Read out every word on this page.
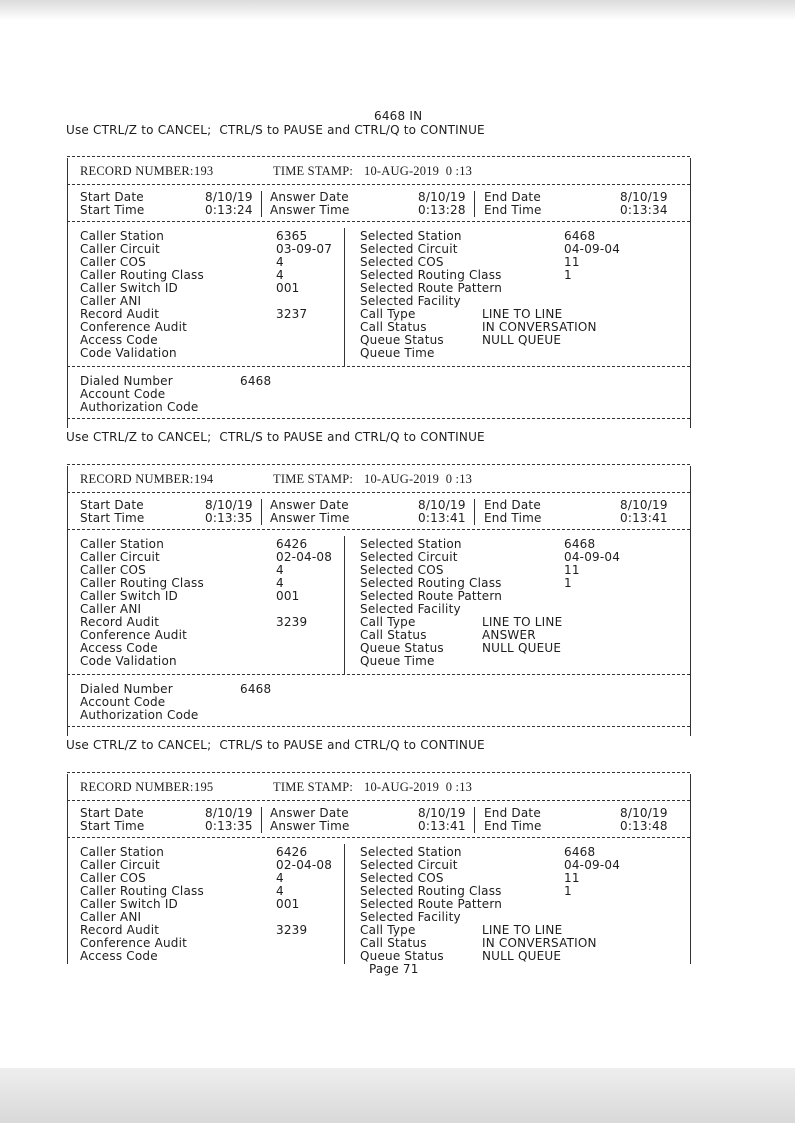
6468 IN
Use CTRL/Z to CANCEL;  CTRL/S to PAUSE and CTRL/Q to CONTINUE
RECORD NUMBER: 193	TIME STAMP: 10-AUG-2019  0 :13
Start Date	8/10/19 Answer Date	8/10/19 End Date	8/10/19
Start Time	0:13:24 Answer Time	0:13:28 End Time	0:13:34
Caller Station	6365
Caller Circuit	03-09-07
Caller COS	4
Caller Routing Class	4
Caller Switch ID	001
Caller ANI
Record Audit	3237
Conference Audit
Access Code
Code Validation
Selected Station	6468
Selected Circuit	04-09-04
Selected COS	11
Selected Routing Class	1
Selected Route Pattern
Selected Facility
Call Type	LINE TO LINE
Call Status	IN CONVERSATION
Queue Status	NULL QUEUE
Queue Time
Dialed Number	6468
Account Code
Authorization Code
Use CTRL/Z to CANCEL;  CTRL/S to PAUSE and CTRL/Q to CONTINUE
RECORD NUMBER: 194	TIME STAMP: 10-AUG-2019  0 :13
Start Date	8/10/19 Answer Date	8/10/19 End Date	8/10/19
Start Time	0:13:35 Answer Time	0:13:41 End Time	0:13:41
Caller Station	6426
Caller Circuit	02-04-08
Caller COS	4
Caller Routing Class	4
Caller Switch ID	001
Caller ANI
Record Audit	3239
Conference Audit
Access Code
Code Validation
Selected Station	6468
Selected Circuit	04-09-04
Selected COS	11
Selected Routing Class	1
Selected Route Pattern
Selected Facility
Call Type	LINE TO LINE
Call Status	ANSWER
Queue Status	NULL QUEUE
Queue Time
Dialed Number	6468
Account Code
Authorization Code
Use CTRL/Z to CANCEL;  CTRL/S to PAUSE and CTRL/Q to CONTINUE
RECORD NUMBER: 195	TIME STAMP: 10-AUG-2019  0 :13
Start Date	8/10/19 Answer Date	8/10/19 End Date	8/10/19
Start Time	0:13:35 Answer Time	0:13:41 End Time	0:13:48
Caller Station	6426
Caller Circuit	02-04-08
Caller COS	4
Caller Routing Class	4
Caller Switch ID	001
Caller ANI
Record Audit	3239
Conference Audit
Access Code
Selected Station	6468
Selected Circuit	04-09-04
Selected COS	11
Selected Routing Class	1
Selected Route Pattern
Selected Facility
Call Type	LINE TO LINE
Call Status	IN CONVERSATION
Queue Status	NULL QUEUE
Page 71
